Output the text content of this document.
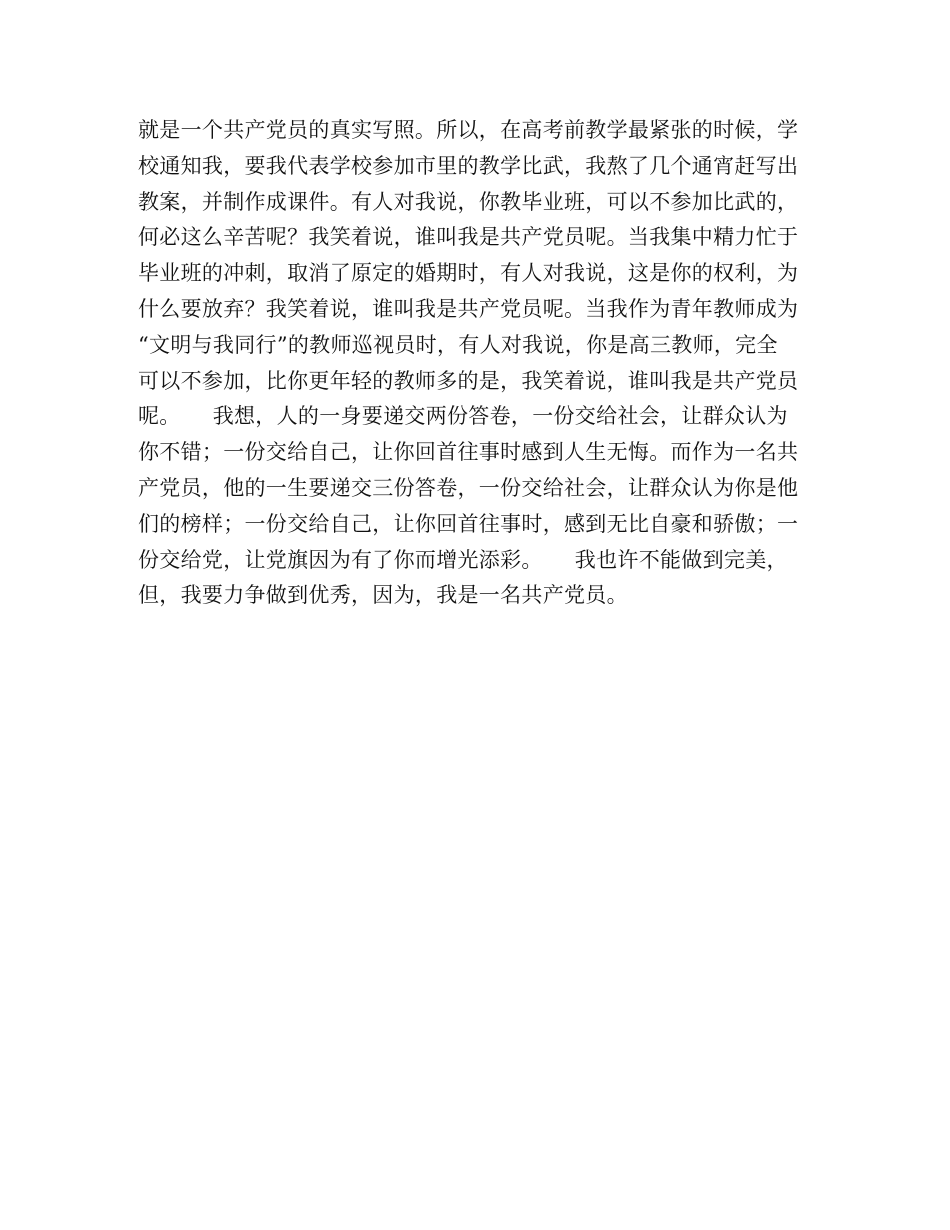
就是一个共产党员的真实写照。所以，在高考前教学最紧张的时候，学
校通知我，要我代表学校参加市里的教学比武，我熬了几个通宵赶写出
教案，并制作成课件。有人对我说，你教毕业班，可以不参加比武的，
何必这么辛苦呢？我笑着说，谁叫我是共产党员呢。当我集中精力忙于
毕业班的冲刺，取消了原定的婚期时，有人对我说，这是你的权利，为
什么要放弃？我笑着说，谁叫我是共产党员呢。当我作为青年教师成为
“文明与我同行”的教师巡视员时，有人对我说，你是高三教师，完全
可以不参加，比你更年轻的教师多的是，我笑着说，谁叫我是共产党员
呢。　　我想，人的一身要递交两份答卷，一份交给社会，让群众认为
你不错；一份交给自己，让你回首往事时感到人生无悔。而作为一名共
产党员，他的一生要递交三份答卷，一份交给社会，让群众认为你是他
们的榜样；一份交给自己，让你回首往事时，感到无比自豪和骄傲；一
份交给党，让党旗因为有了你而增光添彩。　　我也许不能做到完美，
但，我要力争做到优秀，因为，我是一名共产党员。
